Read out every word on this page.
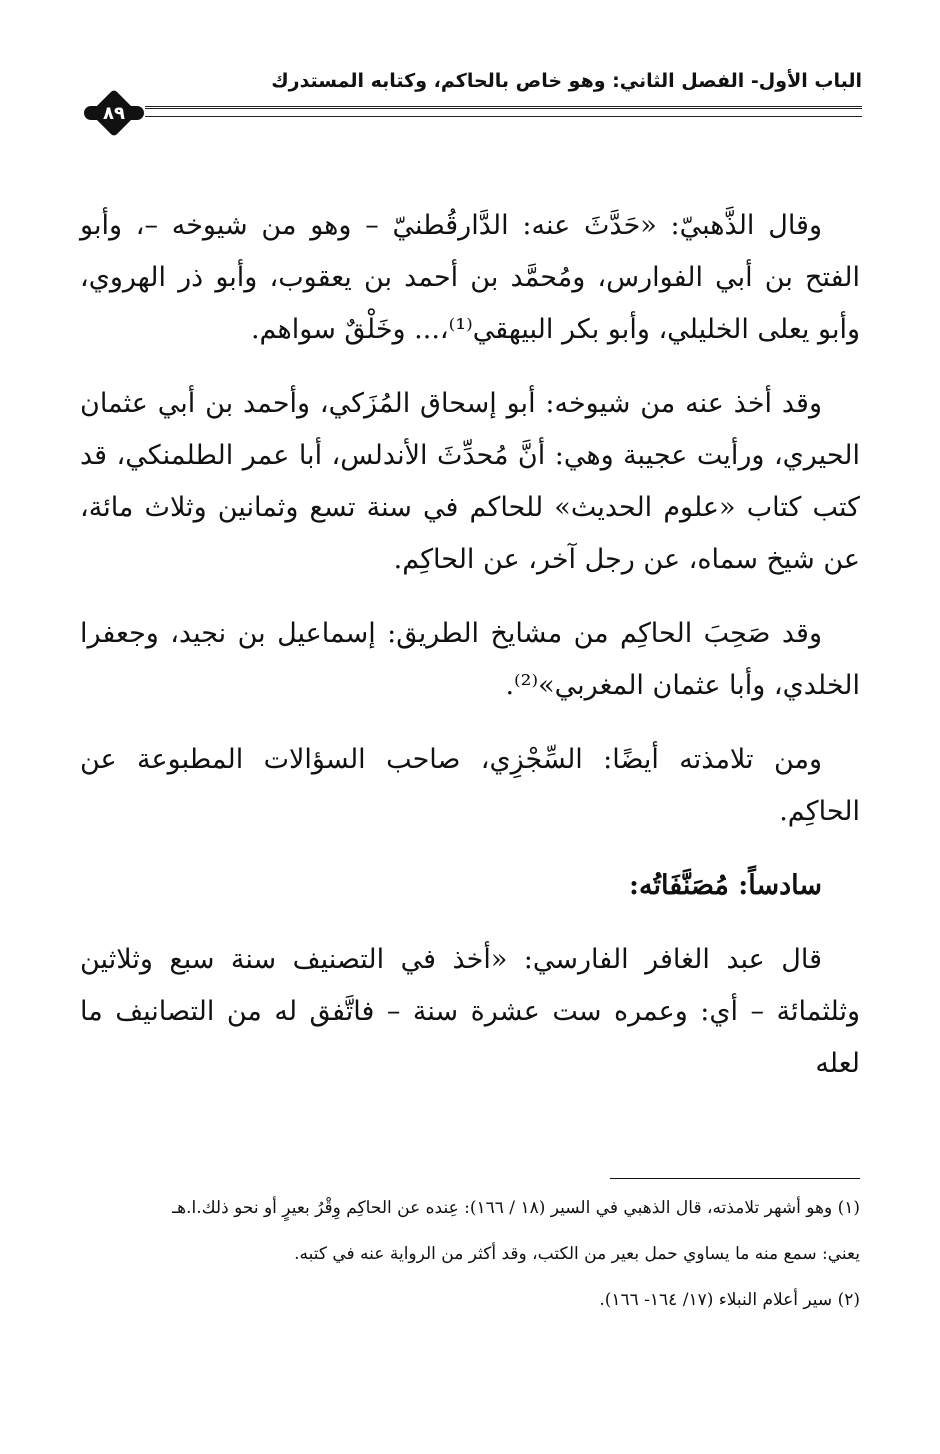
الباب الأول- الفصل الثاني: وهو خاص بالحاكم، وكتابه المستدرك
٨٩

وقال الذَّهبيّ: «حَدَّثَ عنه: الدَّارقُطنيّ – وهو من شيوخه –، وأبو الفتح بن أبي الفوارس، ومُحمَّد بن أحمد بن يعقوب، وأبو ذر الهروي، وأبو يعلى الخليلي، وأبو بكر البيهقي⁽¹⁾،... وخَلْقٌ سواهم.

وقد أخذ عنه من شيوخه: أبو إسحاق المُزَكي، وأحمد بن أبي عثمان الحيري، ورأيت عجيبة وهي: أنَّ مُحدِّثَ الأندلس، أبا عمر الطلمنكي، قد كتب كتاب «علوم الحديث» للحاكم في سنة تسع وثمانين وثلاث مائة، عن شيخ سماه، عن رجل آخر، عن الحاكِم.

وقد صَحِبَ الحاكِم من مشايخ الطريق: إسماعيل بن نجيد، وجعفرا الخلدي، وأبا عثمان المغربي»⁽²⁾.

ومن تلامذته أيضًا: السِّجْزِي، صاحب السؤالات المطبوعة عن الحاكِم.

سادساً: مُصَنَّفَاتُه:

قال عبد الغافر الفارسي: «أخذ في التصنيف سنة سبع وثلاثين وثلثمائة – أي: وعمره ست عشرة سنة – فاتَّفق له من التصانيف ما لعله

(١) وهو أشهر تلامذته، قال الذهبي في السير (١٨ / ١٦٦): عِنده عن الحاكِم وِقْرُ بعيرٍ أو نحو ذلك.ا.هـ

يعني: سمع منه ما يساوي حمل بعير من الكتب، وقد أكثر من الرواية عنه في كتبه.

(٢) سير أعلام النبلاء (١٧/ ١٦٤- ١٦٦).
